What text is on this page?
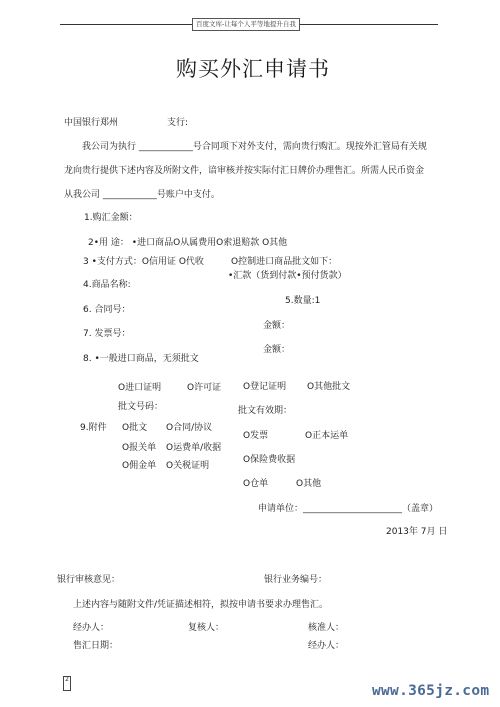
百度文库-让每个人平等地提升自我
购买外汇申请书
中国银行郑州	支行:
我公司为执行 ____________号合同项下对外支付，需向贵行购汇。现按外汇管局有关规
龙向贵行提供下述内容及所附文件，谙审核并按实际付汇日牌价办理售汇。所需人民币资金
从我公司 ____________号账户中支付。
1.购汇金额：
2•用 途： •进口商品O从属费用O索退赔款 O其他
3 •支付方式：O信用证 O代收	O控制进口商品批文如下：
•汇款（货到付款•预付货款）
4.商品名称:
5.数量:1
6. 合同号：
金额：
7. 发票号：
金额：
8. •一般进口商品，无须批文
O进口证明	O许可证 O登记证明 O其他批文
批文号码：	批文有效期：
9.附件 O批文 O合同/协议
O发票	O正本运单
O报关单 O运费单/收据
O保险费收据
O佣金单 O关税证明
O仓单	O其他
申请单位：______________________（盖章）
2013年 7月 日
银行审核意见：	银行业务编号：
上述内容与随附文件/凭证描述相符，拟按申请书要求办理售汇。
经办人：	复核人：	核准人：
售汇日期：	经办人：
2
www.365jz.com
